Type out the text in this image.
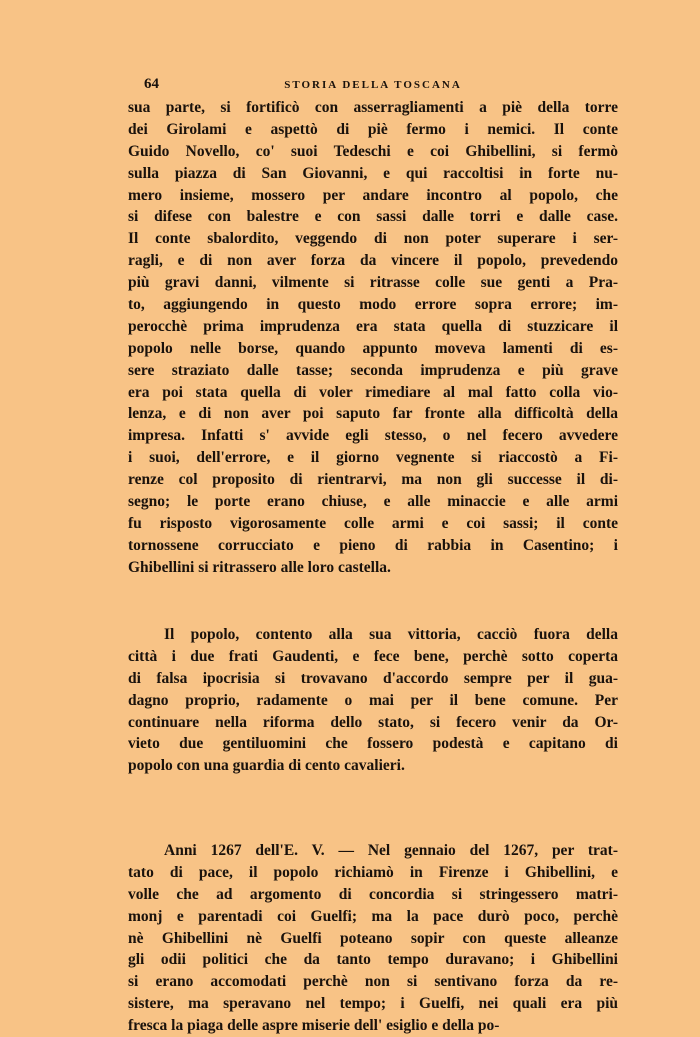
64	STORIA DELLA TOSCANA
sua parte, si fortificò con asserragliamenti a piè della torre
dei Girolami e aspettò di piè fermo i nemici. Il conte
Guido Novello, co' suoi Tedeschi e coi Ghibellini, si fermò
sulla piazza di San Giovanni, e qui raccoltisi in forte nu-
mero insieme, mossero per andare incontro al popolo, che
si difese con balestre e con sassi dalle torri e dalle case.
Il conte sbalordito, veggendo di non poter superare i ser-
ragli, e di non aver forza da vincere il popolo, prevedendo
più gravi danni, vilmente si ritrasse colle sue genti a Pra-
to, aggiungendo in questo modo errore sopra errore; im-
perocchè prima imprudenza era stata quella di stuzzicare il
popolo nelle borse, quando appunto moveva lamenti di es-
sere straziato dalle tasse; seconda imprudenza e più grave
era poi stata quella di voler rimediare al mal fatto colla vio-
lenza, e di non aver poi saputo far fronte alla difficoltà della
impresa. Infatti s' avvide egli stesso, o nel fecero avvedere
i suoi, dell'errore, e il giorno vegnente si riaccostò a Fi-
renze col proposito di rientrarvi, ma non gli successe il di-
segno; le porte erano chiuse, e alle minaccie e alle armi
fu risposto vigorosamente colle armi e coi sassi; il conte
tornossene corrucciato e pieno di rabbia in Casentino; i
Ghibellini si ritrassero alle loro castella.
Il popolo, contento alla sua vittoria, cacciò fuora della
città i due frati Gaudenti, e fece bene, perchè sotto coperta
di falsa ipocrisia si trovavano d'accordo sempre per il gua-
dagno proprio, radamente o mai per il bene comune. Per
continuare nella riforma dello stato, si fecero venir da Or-
vieto due gentiluomini che fossero podestà e capitano di
popolo con una guardia di cento cavalieri.
Anni 1267 dell'E. V. — Nel gennaio del 1267, per trat-
tato di pace, il popolo richiamò in Firenze i Ghibellini, e
volle che ad argomento di concordia si stringessero matri-
monj e parentadi coi Guelfi; ma la pace durò poco, perchè
nè Ghibellini nè Guelfi poteano sopir con queste alleanze
gli odii politici che da tanto tempo duravano; i Ghibellini
si erano accomodati perchè non si sentivano forza da re-
sistere, ma speravano nel tempo; i Guelfi, nei quali era più
fresca la piaga delle aspre miserie dell' esiglio e della po-
